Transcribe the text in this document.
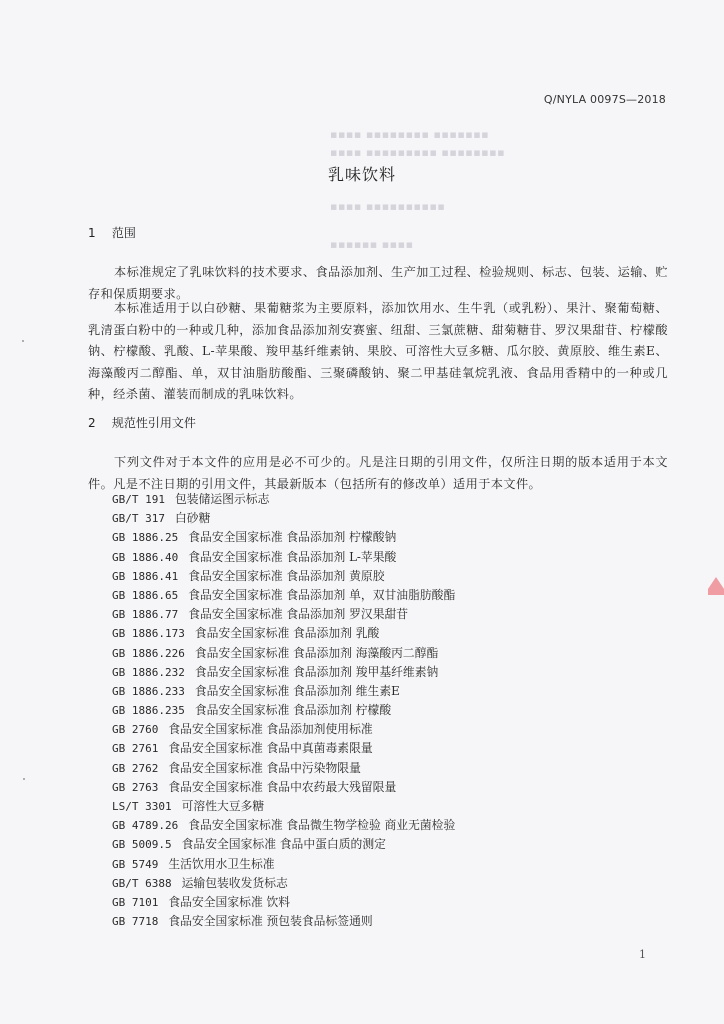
▪▪▪▪ ▪▪▪▪▪▪▪▪ ▪▪▪▪▪▪▪
▪▪▪▪ ▪▪▪▪▪▪▪▪▪ ▪▪▪▪▪▪▪▪
▪▪▪▪ ▪▪▪▪▪▪▪▪▪▪
▪▪▪▪▪▪ ▪▪▪▪
Q/NYLA 0097S—2018
乳味饮料
1 范围

本标准规定了乳味饮料的技术要求、食品添加剂、生产加工过程、检验规则、标志、包装、运输、贮存和保质期要求。

本标准适用于以白砂糖、果葡糖浆为主要原料，添加饮用水、生牛乳（或乳粉）、果汁、聚葡萄糖、乳清蛋白粉中的一种或几种，添加食品添加剂安赛蜜、纽甜、三氯蔗糖、甜菊糖苷、罗汉果甜苷、柠檬酸钠、柠檬酸、乳酸、L-苹果酸、羧甲基纤维素钠、果胶、可溶性大豆多糖、瓜尔胶、黄原胶、维生素E、海藻酸丙二醇酯、单，双甘油脂肪酸酯、三聚磷酸钠、聚二甲基硅氧烷乳液、食品用香精中的一种或几种，经杀菌、灌装而制成的乳味饮料。

2 规范性引用文件

下列文件对于本文件的应用是必不可少的。凡是注日期的引用文件，仅所注日期的版本适用于本文件。凡是不注日期的引用文件，其最新版本（包括所有的修改单）适用于本文件。

GB/T 191 包装储运图示标志
GB/T 317 白砂糖
GB 1886.25 食品安全国家标准 食品添加剂 柠檬酸钠
GB 1886.40 食品安全国家标准 食品添加剂 L-苹果酸
GB 1886.41 食品安全国家标准 食品添加剂 黄原胶
GB 1886.65 食品安全国家标准 食品添加剂 单，双甘油脂肪酸酯
GB 1886.77 食品安全国家标准 食品添加剂 罗汉果甜苷
GB 1886.173 食品安全国家标准 食品添加剂 乳酸
GB 1886.226 食品安全国家标准 食品添加剂 海藻酸丙二醇酯
GB 1886.232 食品安全国家标准 食品添加剂 羧甲基纤维素钠
GB 1886.233 食品安全国家标准 食品添加剂 维生素E
GB 1886.235 食品安全国家标准 食品添加剂 柠檬酸
GB 2760 食品安全国家标准 食品添加剂使用标准
GB 2761 食品安全国家标准 食品中真菌毒素限量
GB 2762 食品安全国家标准 食品中污染物限量
GB 2763 食品安全国家标准 食品中农药最大残留限量
LS/T 3301 可溶性大豆多糖
GB 4789.26 食品安全国家标准 食品微生物学检验 商业无菌检验
GB 5009.5 食品安全国家标准 食品中蛋白质的测定
GB 5749 生活饮用水卫生标准
GB/T 6388 运输包装收发货标志
GB 7101 食品安全国家标准 饮料
GB 7718 食品安全国家标准 预包装食品标签通则
1
